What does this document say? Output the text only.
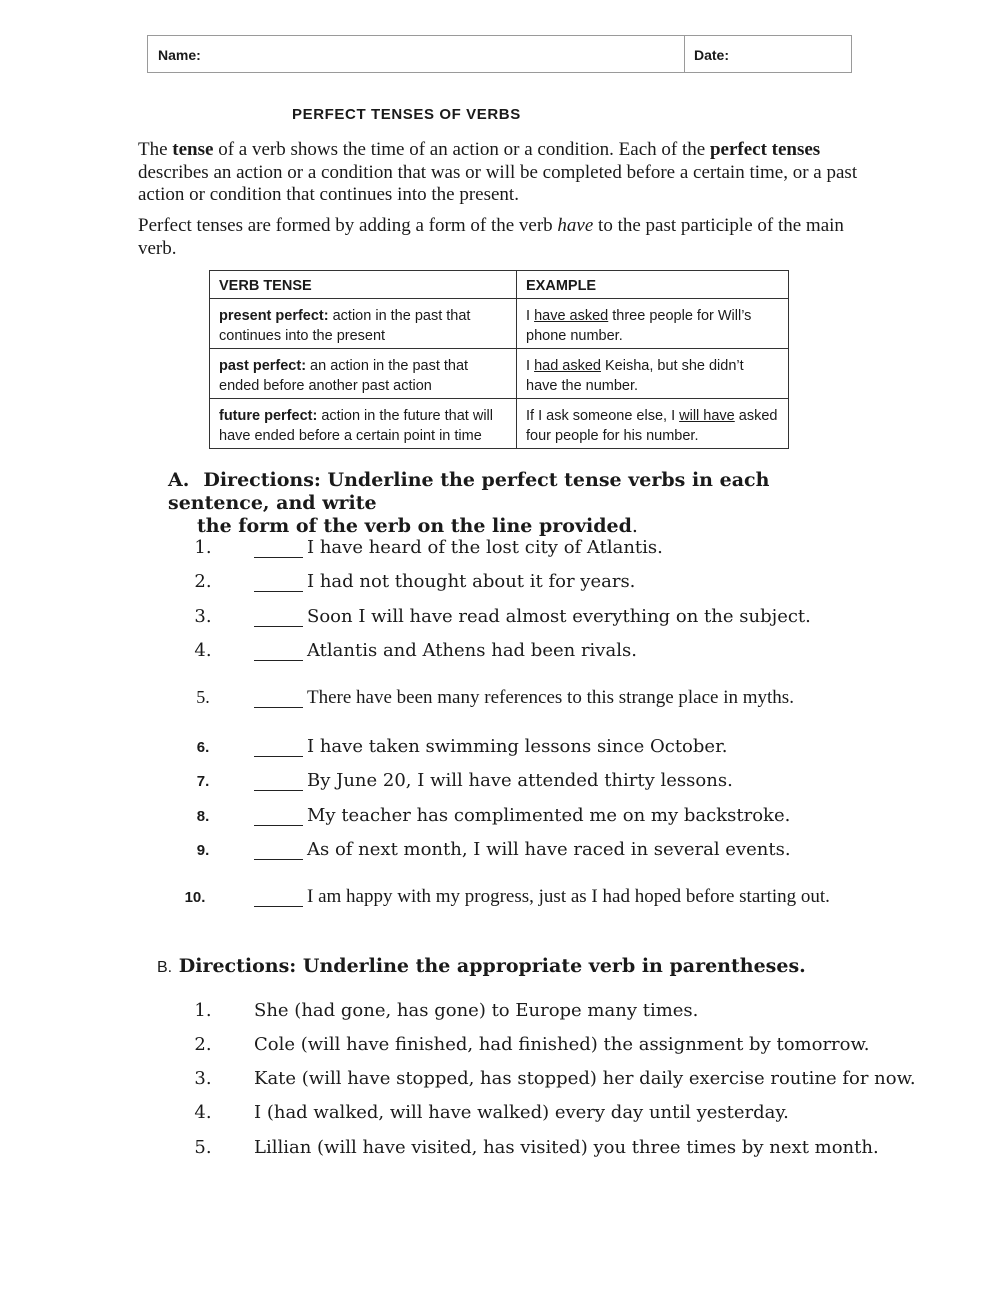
Name:	Date:
PERFECT TENSES OF VERBS
The tense of a verb shows the time of an action or a condition. Each of the perfect tenses describes an action or a condition that was or will be completed before a certain time, or a past action or condition that continues into the present.
Perfect tenses are formed by adding a form of the verb have to the past participle of the main verb.
VERB TENSE	EXAMPLE
present perfect: action in the past that continues into the present	I have asked three people for Will’s phone number.
past perfect: an action in the past that ended before another past action	I had asked Keisha, but she didn’t have the number.
future perfect: action in the future that will have ended before a certain point in time	If I ask someone else, I will have asked four people for his number.
A. Directions: Underline the perfect tense verbs in each sentence, and write
the form of the verb on the line provided.
1.	I have heard of the lost city of Atlantis.
2.	I had not thought about it for years.
3.	Soon I will have read almost everything on the subject.
4.	Atlantis and Athens had been rivals.
5.	There have been many references to this strange place in myths.
6.	I have taken swimming lessons since October.
7.	By June 20, I will have attended thirty lessons.
8.	My teacher has complimented me on my backstroke.
9.	As of next month, I will have raced in several events.
10.	I am happy with my progress, just as I had hoped before starting out.
B. Directions: Underline the appropriate verb in parentheses.
1.	She (had gone, has gone) to Europe many times.
2.	Cole (will have finished, had finished) the assignment by tomorrow.
3.	Kate (will have stopped, has stopped) her daily exercise routine for now.
4.	I (had walked, will have walked) every day until yesterday.
5.	Lillian (will have visited, has visited) you three times by next month.
